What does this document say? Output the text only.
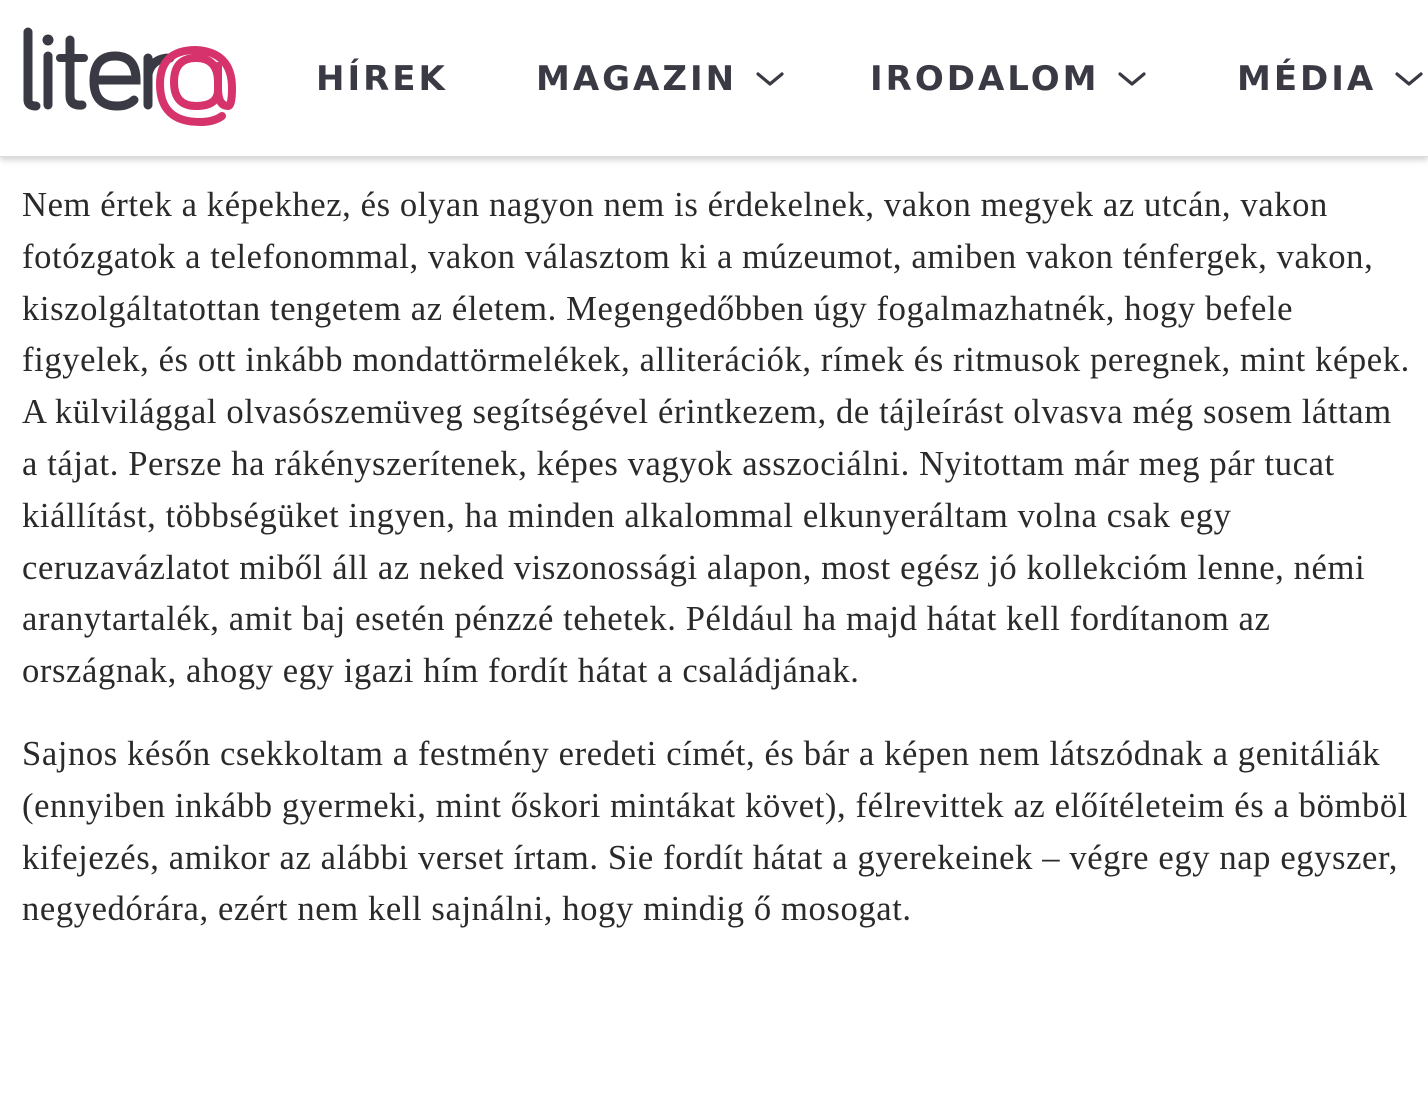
HÍREK	MAGAZIN	IRODALOM	MÉDIA

Nem értek a képekhez, és olyan nagyon nem is érdekelnek, vakon megyek az utcán, vakon fotózgatok a telefonommal, vakon választom ki a múzeumot, amiben vakon ténfergek, vakon, kiszolgáltatottan tengetem az életem. Megengedőbben úgy fogalmazhatnék, hogy befele figyelek, és ott inkább mondattörmelékek, alliterációk, rímek és ritmusok peregnek, mint képek. A külvilággal olvasószemüveg segítségével érintkezem, de tájleírást olvasva még sosem láttam a tájat. Persze ha rákényszerítenek, képes vagyok asszociálni. Nyitottam már meg pár tucat kiállítást, többségüket ingyen, ha minden alkalommal elkunyeráltam volna csak egy ceruzavázlatot miből áll az neked viszonossági alapon, most egész jó kollekcióm lenne, némi aranytartalék, amit baj esetén pénzzé tehetek. Például ha majd hátat kell fordítanom az országnak, ahogy egy igazi hím fordít hátat a családjának.

Sajnos későn csekkoltam a festmény eredeti címét, és bár a képen nem látszódnak a genitáliák (ennyiben inkább gyermeki, mint őskori mintákat követ), félrevittek az előítéleteim és a bömböl kifejezés, amikor az alábbi verset írtam. Sie fordít hátat a gyerekeinek – végre egy nap egyszer, negyedórára, ezért nem kell sajnálni, hogy mindig ő mosogat.
